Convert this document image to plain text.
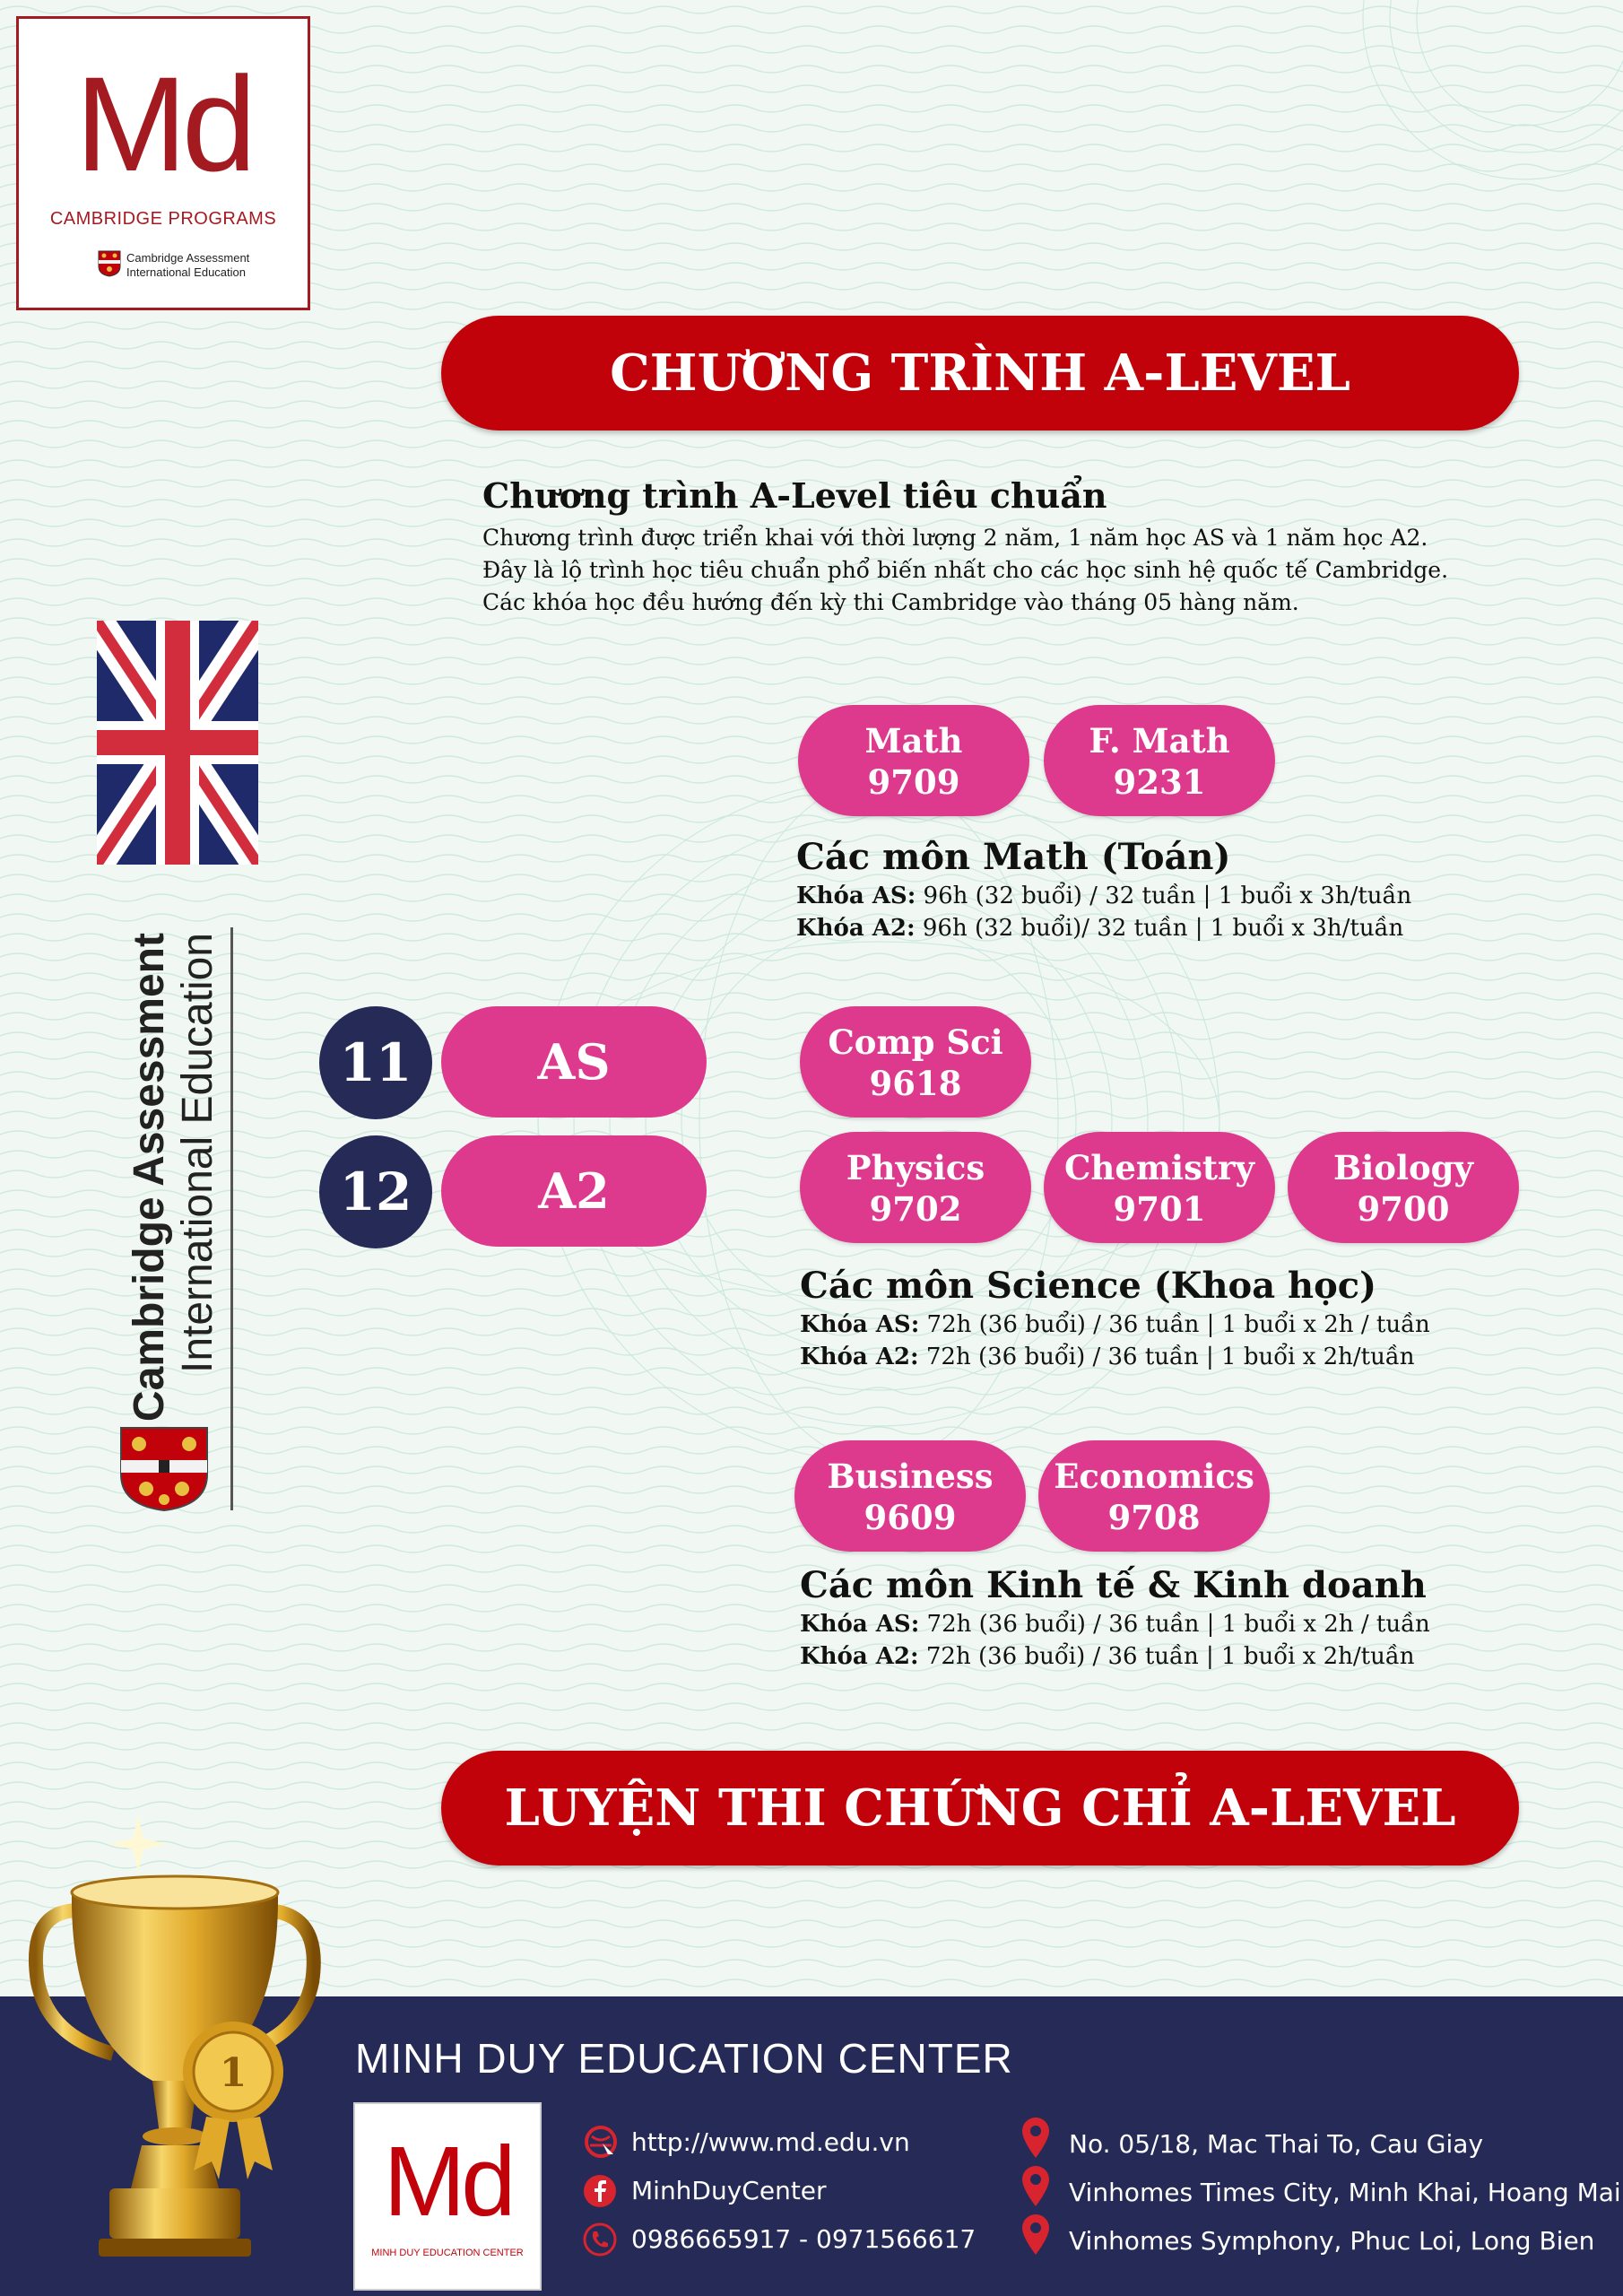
Md
CAMBRIDGE PROGRAMS
Cambridge Assessment
International Education
CHƯƠNG TRÌNH A-LEVEL
Chương trình A-Level tiêu chuẩn
Chương trình được triển khai với thời lượng 2 năm, 1 năm học AS và 1 năm học A2.
Đây là lộ trình học tiêu chuẩn phổ biến nhất cho các học sinh hệ quốc tế Cambridge.
Các khóa học đều hướng đến kỳ thi Cambridge vào tháng 05 hàng năm.
Cambridge Assessment International Education
Math
9709
F. Math
9231
Các môn Math (Toán)
Khóa AS: 96h (32 buổi) / 32 tuần | 1 buổi x 3h/tuần
Khóa A2: 96h (32 buổi)/ 32 tuần | 1 buổi x 3h/tuần
11	AS
12	A2
Comp Sci
9618
Physics
9702
Chemistry
9701
Biology
9700
Các môn Science (Khoa học)
Khóa AS: 72h (36 buổi) / 36 tuần | 1 buổi x 2h / tuần
Khóa A2: 72h (36 buổi) / 36 tuần | 1 buổi x 2h/tuần
Business
9609
Economics
9708
Các môn Kinh tế & Kinh doanh
Khóa AS: 72h (36 buổi) / 36 tuần | 1 buổi x 2h / tuần
Khóa A2: 72h (36 buổi) / 36 tuần | 1 buổi x 2h/tuần
LUYỆN THI CHỨNG CHỈ A-LEVEL
MINH DUY EDUCATION CENTER
Md
MINH DUY EDUCATION CENTER
http://www.md.edu.vn
MinhDuyCenter
0986665917 - 0971566617
No. 05/18, Mac Thai To, Cau Giay
Vinhomes Times City, Minh Khai, Hoang Mai
Vinhomes Symphony, Phuc Loi, Long Bien
1
